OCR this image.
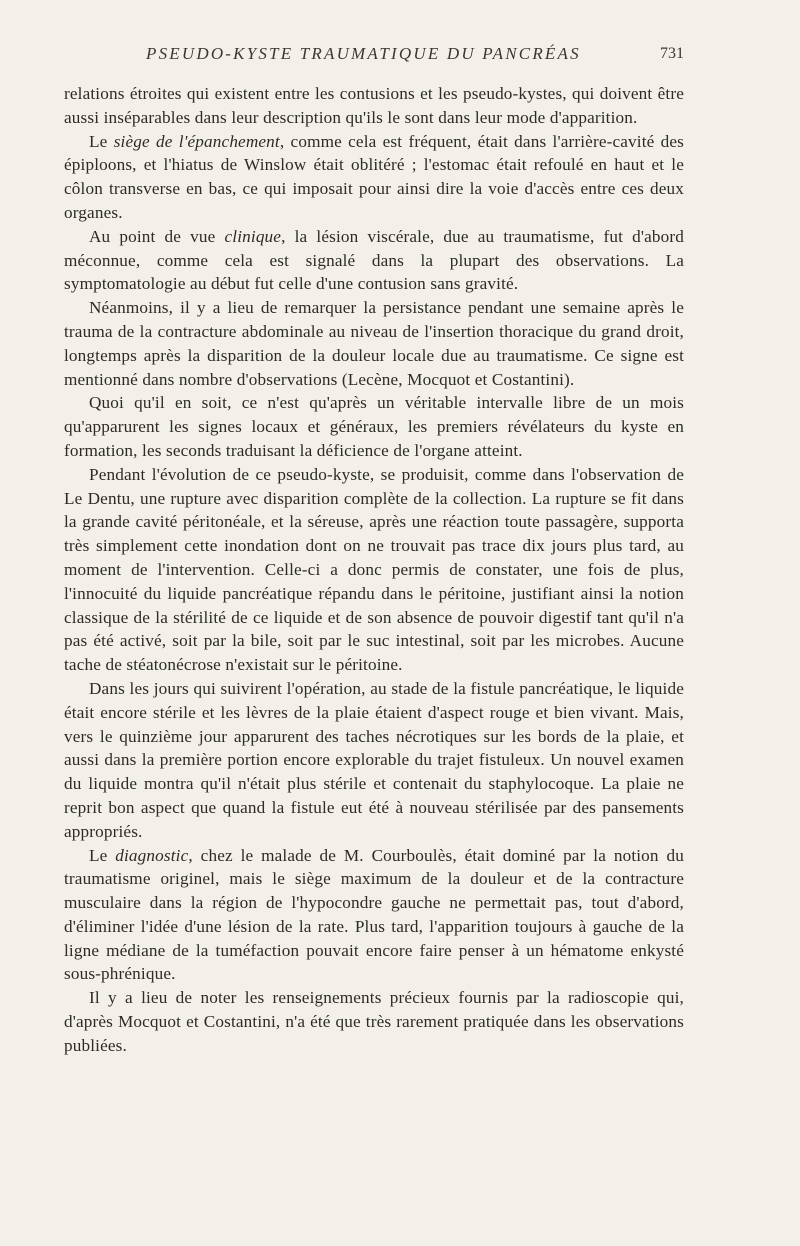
PSEUDO-KYSTE TRAUMATIQUE DU PANCRÉAS	731

relations étroites qui existent entre les contusions et les pseudo-kystes, qui doivent être aussi inséparables dans leur description qu'ils le sont dans leur mode d'apparition.

Le siège de l'épanchement, comme cela est fréquent, était dans l'arrière-cavité des épiploons, et l'hiatus de Winslow était oblitéré ; l'estomac était refoulé en haut et le côlon transverse en bas, ce qui imposait pour ainsi dire la voie d'accès entre ces deux organes.

Au point de vue clinique, la lésion viscérale, due au traumatisme, fut d'abord méconnue, comme cela est signalé dans la plupart des observations. La symptomatologie au début fut celle d'une contusion sans gravité.

Néanmoins, il y a lieu de remarquer la persistance pendant une semaine après le trauma de la contracture abdominale au niveau de l'insertion thoracique du grand droit, longtemps après la disparition de la douleur locale due au traumatisme. Ce signe est mentionné dans nombre d'observations (Lecène, Mocquot et Costantini).

Quoi qu'il en soit, ce n'est qu'après un véritable intervalle libre de un mois qu'apparurent les signes locaux et généraux, les premiers révélateurs du kyste en formation, les seconds traduisant la déficience de l'organe atteint.

Pendant l'évolution de ce pseudo-kyste, se produisit, comme dans l'observation de Le Dentu, une rupture avec disparition complète de la collection. La rupture se fit dans la grande cavité péritonéale, et la séreuse, après une réaction toute passagère, supporta très simplement cette inondation dont on ne trouvait pas trace dix jours plus tard, au moment de l'intervention. Celle-ci a donc permis de constater, une fois de plus, l'innocuité du liquide pancréatique répandu dans le péritoine, justifiant ainsi la notion classique de la stérilité de ce liquide et de son absence de pouvoir digestif tant qu'il n'a pas été activé, soit par la bile, soit par le suc intestinal, soit par les microbes. Aucune tache de stéatonécrose n'existait sur le péritoine.

Dans les jours qui suivirent l'opération, au stade de la fistule pancréatique, le liquide était encore stérile et les lèvres de la plaie étaient d'aspect rouge et bien vivant. Mais, vers le quinzième jour apparurent des taches nécrotiques sur les bords de la plaie, et aussi dans la première portion encore explorable du trajet fistuleux. Un nouvel examen du liquide montra qu'il n'était plus stérile et contenait du staphylocoque. La plaie ne reprit bon aspect que quand la fistule eut été à nouveau stérilisée par des pansements appropriés.

Le diagnostic, chez le malade de M. Courboulès, était dominé par la notion du traumatisme originel, mais le siège maximum de la douleur et de la contracture musculaire dans la région de l'hypocondre gauche ne permettait pas, tout d'abord, d'éliminer l'idée d'une lésion de la rate. Plus tard, l'apparition toujours à gauche de la ligne médiane de la tuméfaction pouvait encore faire penser à un hématome enkysté sous-phrénique.

Il y a lieu de noter les renseignements précieux fournis par la radioscopie qui, d'après Mocquot et Costantini, n'a été que très rarement pratiquée dans les observations publiées.
